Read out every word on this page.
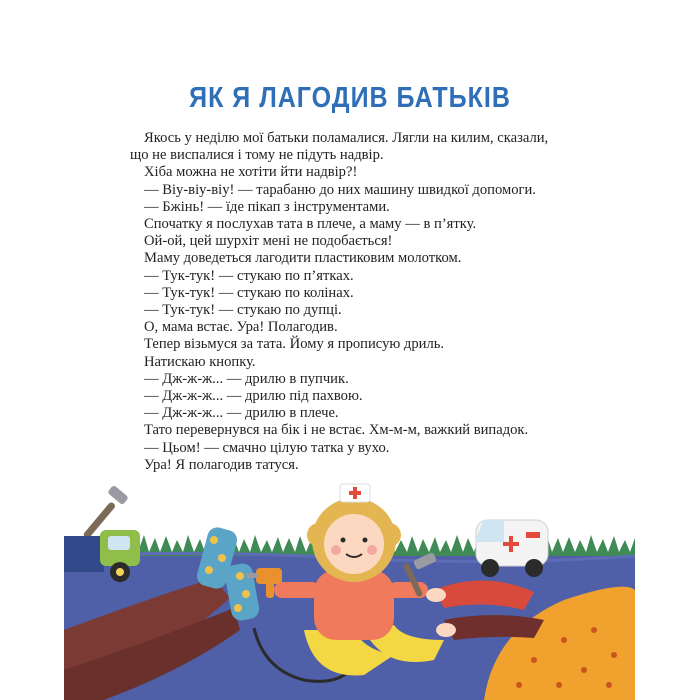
ЯК Я ЛАГОДИВ БАТЬКІВ

Якось у неділю мої батьки поламалися. Лягли на килим, сказали,

що не виспалися і тому не підуть надвір.

Хіба можна не хотіти йти надвір?!

— Віу-віу-віу! — тарабаню до них машину швидкої допомоги.

— Бжінь! — їде пікап з інструментами.

Спочатку я послухав тата в плече, а маму — в п’ятку.

Ой-ой, цей шурхіт мені не подобається!

Маму доведеться лагодити пластиковим молотком.

— Тук-тук! — стукаю по п’ятках.

— Тук-тук! — стукаю по колінах.

— Тук-тук! — стукаю по дупці.

О, мама встає. Ура! Полагодив.

Тепер візьмуся за тата. Йому я прописую дриль.

Натискаю кнопку.

— Дж-ж-ж... — дрилю в пупчик.

— Дж-ж-ж... — дрилю під пахвою.

— Дж-ж-ж... — дрилю в плече.

Тато перевернувся на бік і не встає. Хм-м-м, важкий випадок.

— Цьом! — смачно цілую татка у вухо.

Ура! Я полагодив татуся.
